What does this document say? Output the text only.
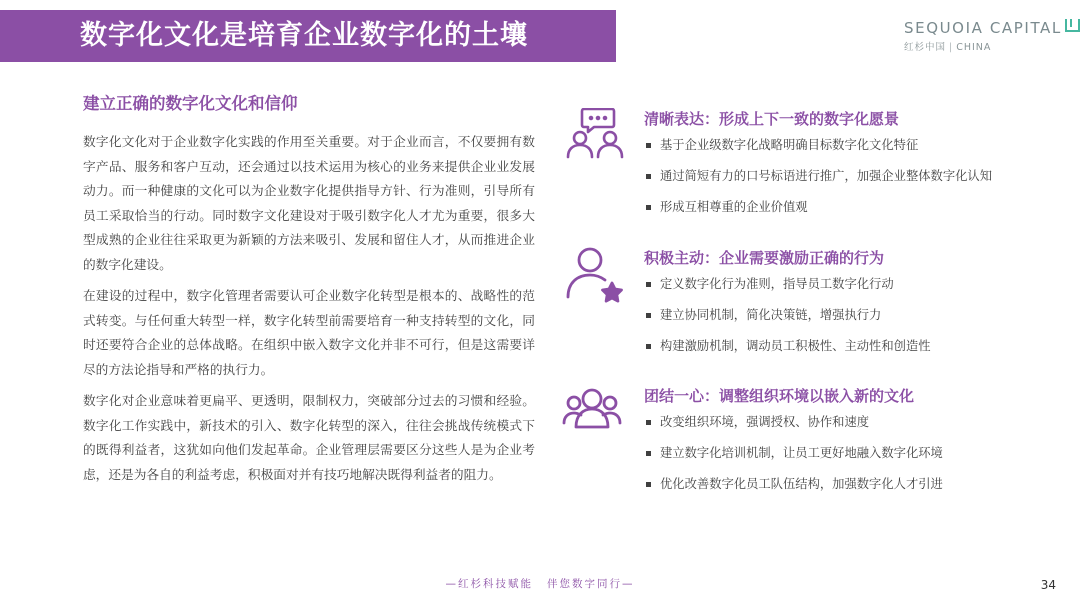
数字化文化是培育企业数字化的土壤	SEQUOIA CAPITAL
红杉中国 | CHINA
建立正确的数字化文化和信仰

数字化文化对于企业数字化实践的作用至关重要。对于企业而言，不仅要拥有数字产品、服务和客户互动，还会通过以技术运用为核心的业务来提供企业业发展动力。而一种健康的文化可以为企业数字化提供指导方针、行为准则，引导所有员工采取恰当的行动。同时数字文化建设对于吸引数字化人才尤为重要，很多大型成熟的企业往往采取更为新颖的方法来吸引、发展和留住人才，从而推进企业的数字化建设。

在建设的过程中，数字化管理者需要认可企业数字化转型是根本的、战略性的范式转变。与任何重大转型一样，数字化转型前需要培育一种支持转型的文化，同时还要符合企业的总体战略。在组织中嵌入数字文化并非不可行，但是这需要详尽的方法论指导和严格的执行力。

数字化对企业意味着更扁平、更透明，限制权力，突破部分过去的习惯和经验。数字化工作实践中，新技术的引入、数字化转型的深入，往往会挑战传统模式下的既得利益者，这犹如向他们发起革命。企业管理层需要区分这些人是为企业考虑，还是为各自的利益考虑，积极面对并有技巧地解决既得利益者的阻力。

清晰表达：形成上下一致的数字化愿景
基于企业级数字化战略明确目标数字化文化特征
通过简短有力的口号标语进行推广，加强企业整体数字化认知
形成互相尊重的企业价值观
积极主动：企业需要激励正确的行为
定义数字化行为准则，指导员工数字化行动
建立协同机制，简化决策链，增强执行力
构建激励机制，调动员工积极性、主动性和创造性
团结一心：调整组织环境以嵌入新的文化
改变组织环境，强调授权、协作和速度
建立数字化培训机制，让员工更好地融入数字化环境
优化改善数字化员工队伍结构，加强数字化人才引进
—红杉科技赋能 伴您数字同行—	34
